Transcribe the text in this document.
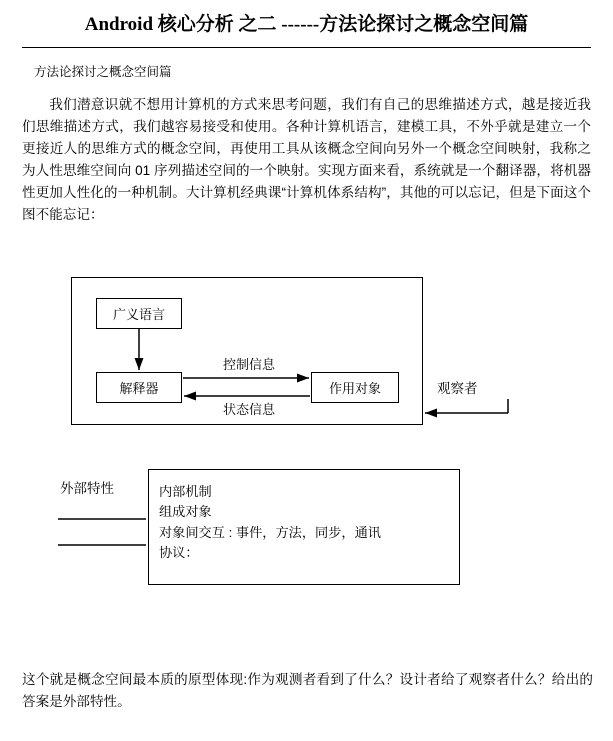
Android 核心分析 之二 ------方法论探讨之概念空间篇
方法论探讨之概念空间篇

我们潜意识就不想用计算机的方式来思考问题，我们有自己的思维描述方式，越是接近我们思维描述方式，我们越容易接受和使用。各种计算机语言，建模工具，不外乎就是建立一个更接近人的思维方式的概念空间，再使用工具从该概念空间向另外一个概念空间映射，我称之为人性思维空间向 01 序列描述空间的一个映射。实现方面来看，系统就是一个翻译器，将机器性更加人性化的一种机制。大计算机经典课“计算机体系结构”，其他的可以忘记，但是下面这个图不能忘记：

广义语言
解释器	作用对象
控制信息
状态信息
观察者
外部特性	内部机制
组成对象
对象间交互 : 事件，方法，同步，通讯
协议：

这个就是概念空间最本质的原型体现:作为观测者看到了什么？设计者给了观察者什么？给出的答案是外部特性。
